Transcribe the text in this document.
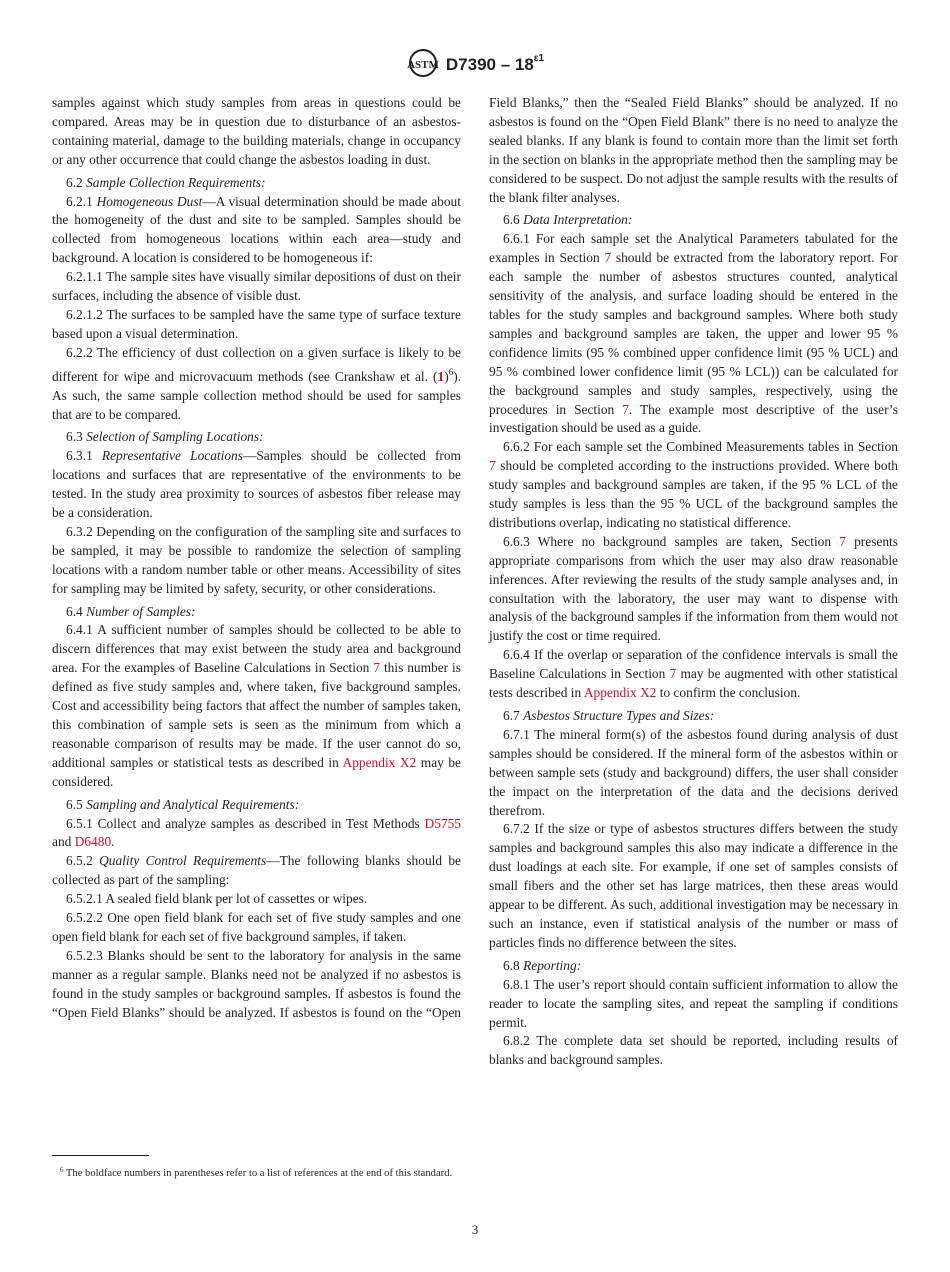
ASTM $D7390 - 18^{\varepsilon 1}$

samples against which study samples from areas in questions could be compared. Areas may be in question due to disturbance of an asbestos-containing material, damage to the building materials, change in occupancy or any other occurrence that could change the asbestos loading in dust.

6.2 Sample Collection Requirements:

6.2.1 Homogeneous Dust—A visual determination should be made about the homogeneity of the dust and site to be sampled. Samples should be collected from homogeneous locations within each area—study and background. A location is considered to be homogeneous if:

6.2.1.1 The sample sites have visually similar depositions of dust on their surfaces, including the absence of visible dust.

6.2.1.2 The surfaces to be sampled have the same type of surface texture based upon a visual determination.

6.2.2 The efficiency of dust collection on a given surface is likely to be different for wipe and microvacuum methods (see Crankshaw et al. $(1)^6$). As such, the same sample collection method should be used for samples that are to be compared.

6.3 Selection of Sampling Locations:

6.3.1 Representative Locations—Samples should be collected from locations and surfaces that are representative of the environments to be tested. In the study area proximity to sources of asbestos fiber release may be a consideration.

6.3.2 Depending on the configuration of the sampling site and surfaces to be sampled, it may be possible to randomize the selection of sampling locations with a random number table or other means. Accessibility of sites for sampling may be limited by safety, security, or other considerations.

6.4 Number of Samples:

6.4.1 A sufficient number of samples should be collected to be able to discern differences that may exist between the study area and background area. For the examples of Baseline Calculations in Section 7 this number is defined as five study samples and, where taken, five background samples. Cost and accessibility being factors that affect the number of samples taken, this combination of sample sets is seen as the minimum from which a reasonable comparison of results may be made. If the user cannot do so, additional samples or statistical tests as described in Appendix X2 may be considered.

6.5 Sampling and Analytical Requirements:

6.5.1 Collect and analyze samples as described in Test Methods D5755 and D6480.

6.5.2 Quality Control Requirements—The following blanks should be collected as part of the sampling:

6.5.2.1 A sealed field blank per lot of cassettes or wipes.

6.5.2.2 One open field blank for each set of five study samples and one open field blank for each set of five background samples, if taken.

6.5.2.3 Blanks should be sent to the laboratory for analysis in the same manner as a regular sample. Blanks need not be analyzed if no asbestos is found in the study samples or background samples. If asbestos is found the “Open Field Blanks” should be analyzed. If asbestos is found on the “Open

Field Blanks,” then the “Sealed Field Blanks” should be analyzed. If no asbestos is found on the “Open Field Blank” there is no need to analyze the sealed blanks. If any blank is found to contain more than the limit set forth in the section on blanks in the appropriate method then the sampling may be considered to be suspect. Do not adjust the sample results with the results of the blank filter analyses.

6.6 Data Interpretation:

6.6.1 For each sample set the Analytical Parameters tabulated for the examples in Section 7 should be extracted from the laboratory report. For each sample the number of asbestos structures counted, analytical sensitivity of the analysis, and surface loading should be entered in the tables for the study samples and background samples. Where both study samples and background samples are taken, the upper and lower 95 % confidence limits (95 % combined upper confidence limit (95 % UCL) and 95 % combined lower confidence limit (95 % LCL)) can be calculated for the background samples and study samples, respectively, using the procedures in Section 7. The example most descriptive of the user’s investigation should be used as a guide.

6.6.2 For each sample set the Combined Measurements tables in Section 7 should be completed according to the instructions provided. Where both study samples and background samples are taken, if the 95 % LCL of the study samples is less than the 95 % UCL of the background samples the distributions overlap, indicating no statistical difference.

6.6.3 Where no background samples are taken, Section 7 presents appropriate comparisons from which the user may also draw reasonable inferences. After reviewing the results of the study sample analyses and, in consultation with the laboratory, the user may want to dispense with analysis of the background samples if the information from them would not justify the cost or time required.

6.6.4 If the overlap or separation of the confidence intervals is small the Baseline Calculations in Section 7 may be augmented with other statistical tests described in Appendix X2 to confirm the conclusion.

6.7 Asbestos Structure Types and Sizes:

6.7.1 The mineral form(s) of the asbestos found during analysis of dust samples should be considered. If the mineral form of the asbestos within or between sample sets (study and background) differs, the user shall consider the impact on the interpretation of the data and the decisions derived therefrom.

6.7.2 If the size or type of asbestos structures differs between the study samples and background samples this also may indicate a difference in the dust loadings at each site. For example, if one set of samples consists of small fibers and the other set has large matrices, then these areas would appear to be different. As such, additional investigation may be necessary in such an instance, even if statistical analysis of the number or mass of particles finds no difference between the sites.

6.8 Reporting:

6.8.1 The user’s report should contain sufficient information to allow the reader to locate the sampling sites, and repeat the sampling if conditions permit.

6.8.2 The complete data set should be reported, including results of blanks and background samples.

$^6$ The boldface numbers in parentheses refer to a list of references at the end of this standard.
3
